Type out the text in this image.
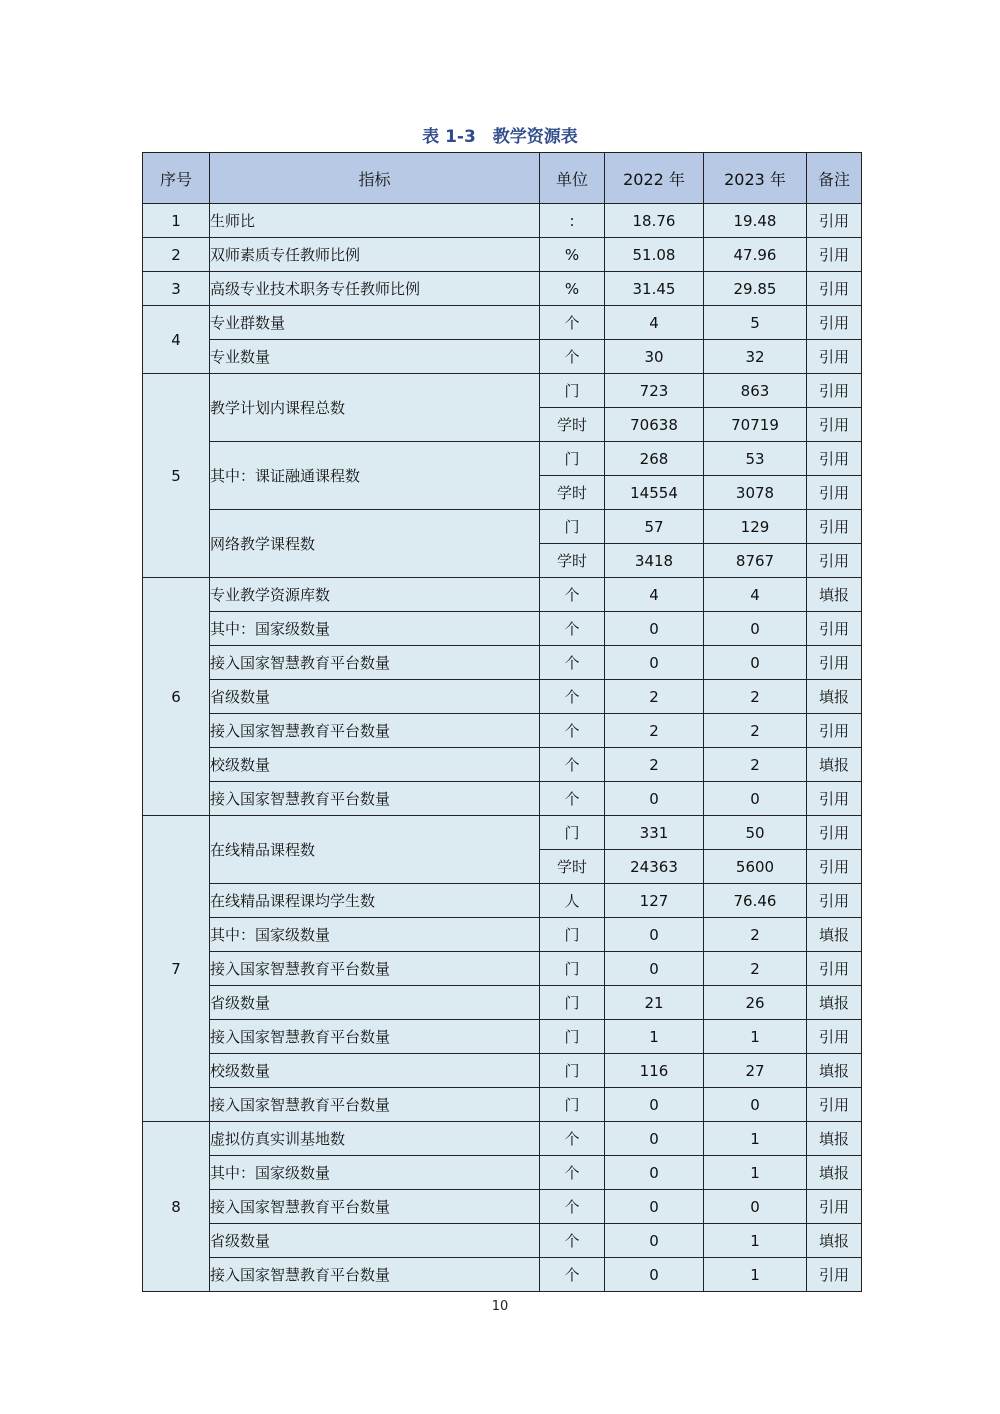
表 1-3　教学资源表
序号	指标	单位	2022 年	2023 年	备注
1	生师比	:	18.76	19.48	引用
2	双师素质专任教师比例	%	51.08	47.96	引用
3	高级专业技术职务专任教师比例	%	31.45	29.85	引用
4	专业群数量	个	4	5	引用
	专业数量	个	30	32	引用
5	教学计划内课程总数	门	723	863	引用
		学时	70638	70719	引用
	其中：课证融通课程数	门	268	53	引用
		学时	14554	3078	引用
	网络教学课程数	门	57	129	引用
		学时	3418	8767	引用
6	专业教学资源库数	个	4	4	填报
	其中：国家级数量	个	0	0	引用
	接入国家智慧教育平台数量	个	0	0	引用
	省级数量	个	2	2	填报
	接入国家智慧教育平台数量	个	2	2	引用
	校级数量	个	2	2	填报
	接入国家智慧教育平台数量	个	0	0	引用
7	在线精品课程数	门	331	50	引用
		学时	24363	5600	引用
	在线精品课程课均学生数	人	127	76.46	引用
	其中：国家级数量	门	0	2	填报
	接入国家智慧教育平台数量	门	0	2	引用
	省级数量	门	21	26	填报
	接入国家智慧教育平台数量	门	1	1	引用
	校级数量	门	116	27	填报
	接入国家智慧教育平台数量	门	0	0	引用
8	虚拟仿真实训基地数	个	0	1	填报
	其中：国家级数量	个	0	1	填报
	接入国家智慧教育平台数量	个	0	0	引用
	省级数量	个	0	1	填报
	接入国家智慧教育平台数量	个	0	1	引用
10
